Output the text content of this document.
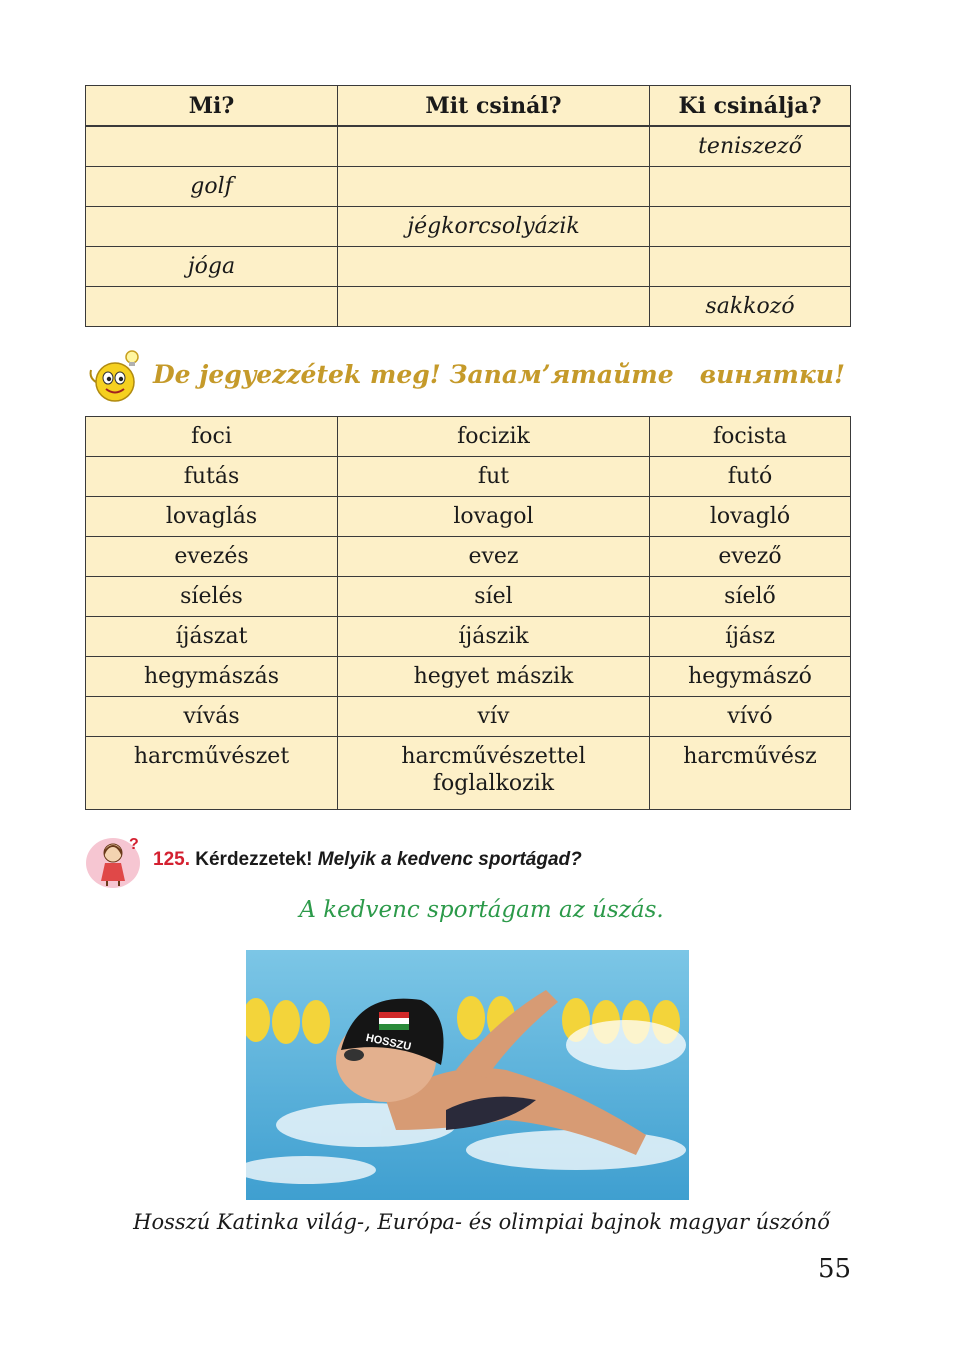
Mi?	Mit csinál?	Ki csinálja?
		teniszező
golf		
	jégkorcsolyázik	
jóga		
		sakkozó
De jegyezzétek meg! Запам’ятайте   винятки!
foci	focizik	focista
futás	fut	futó
lovaglás	lovagol	lovagló
evezés	evez	evező
síelés	síel	síelő
íjászat	íjászik	íjász
hegymászás	hegyet mászik	hegymászó
vívás	vív	vívó
harcművészet	harcművészettel foglalkozik	harcművész
?
125. Kérdezzetek! Melyik a kedvenc sportágad?
A kedvenc sportágam az úszás.
HOSSZU
Hosszú Katinka világ-, Európa- és olimpiai bajnok magyar úszónő
55
